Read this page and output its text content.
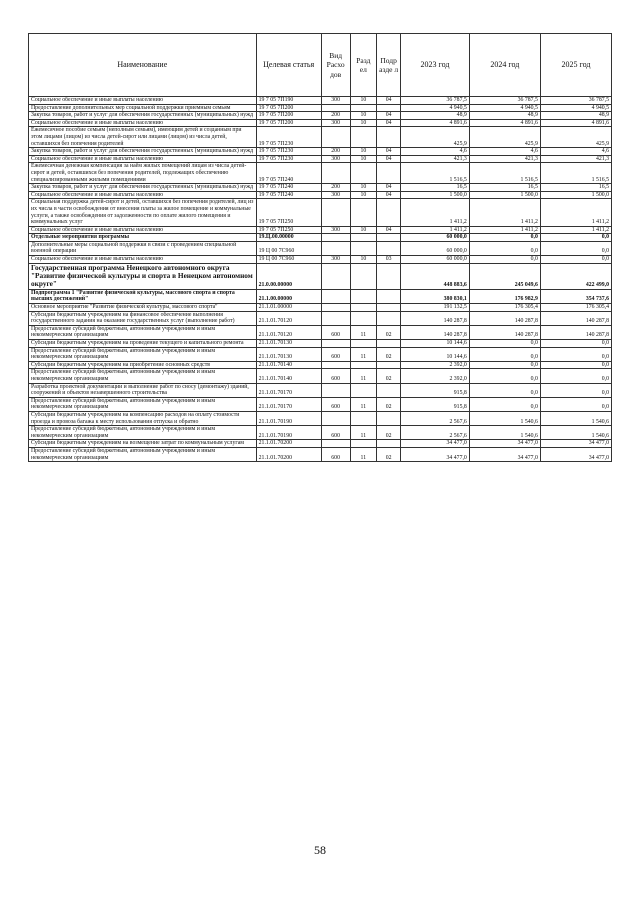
Наименование	Целевая статья	Вид Расхо дов	Разд ел	Подр азде л	2023 год	2024 год	2025 год
Социальное обеспечение и иные выплаты населению	19 7 05 7П190	300	10	04	36 787,5	36 787,5	36 787,5
Предоставление дополнительных мер социальной поддержки приемным семьям	19 7 05 7П200				4 940,5	4 940,5	4 940,5
Закупка товаров, работ и услуг для обеспечения государственных (муниципальных) нужд	19 7 05 7П200	200	10	04	48,9	48,9	48,9
Социальное обеспечение и иные выплаты населению	19 7 05 7П200	300	10	04	4 891,6	4 891,6	4 891,6
Ежемесячное пособие семьям (неполным семьям), имеющим детей и созданным при этом лицами (лицом) из числа детей-сирот или лицами (лицом) из числа детей, оставшихся без попечения родителей	19 7 05 7П230				425,9	425,9	425,9
Закупка товаров, работ и услуг для обеспечения государственных (муниципальных) нужд	19 7 05 7П230	200	10	04	4,6	4,6	4,6
Социальное обеспечение и иные выплаты населению	19 7 05 7П230	300	10	04	421,3	421,3	421,3
Ежемесячная денежная компенсация за наём жилых помещений лицам из числа детей-сирот и детей, оставшихся без попечения родителей, подлежащих обеспечению специализированными жилыми помещениями	19 7 05 7П240				1 516,5	1 516,5	1 516,5
Закупка товаров, работ и услуг для обеспечения государственных (муниципальных) нужд	19 7 05 7П240	200	10	04	16,5	16,5	16,5
Социальное обеспечение и иные выплаты населению	19 7 05 7П240	300	10	04	1 500,0	1 500,0	1 500,0
Социальная поддержка детей-сирот и детей, оставшихся без попечения родителей, лиц из их числа в части освобождения от внесения платы за жилое помещение и коммунальные услуги, а также освобождения от задолженности по оплате жилого помещения и коммунальных услуг	19 7 05 7П250				1 411,2	1 411,2	1 411,2
Социальное обеспечение и иные выплаты населению	19 7 05 7П250	300	10	04	1 411,2	1 411,2	1 411,2
Отдельные мероприятия программы	19.Ц.00.00000				60 000,0	0,0	0,0
Дополнительные меры социальной поддержки в связи с проведением специальной военной операции	19 Ц 00 7С960				60 000,0	0,0	0,0
Социальное обеспечение и иные выплаты населению	19 Ц 00 7С960	300	10	03	60 000,0	0,0	0,0
Государственная программа Ненецкого автономного округа "Развитие физической культуры и спорта в Ненецком автономном округе"	21.0.00.00000				448 883,6	245 049,6	422 499,0
Подпрограмма 1 "Развитие физической культуры, массового спорта и спорта высших достижений"	21.1.00.00000				380 830,1	176 982,9	354 737,6
Основное мероприятие "Развитие физической культуры, массового спорта"	21.1.01.00000				191 132,5	176 305,4	176 305,4
Субсидии бюджетным учреждениям на финансовое обеспечение выполнения государственного задания на оказание государственных услуг (выполнение работ)	21.1.01.70120				140 287,8	140 287,8	140 287,8
Предоставление субсидий бюджетным, автономным учреждениям и иным некоммерческим организациям	21.1.01.70120	600	11	02	140 287,8	140 287,8	140 287,8
Субсидии бюджетным учреждениям на проведение текущего и капитального ремонта	21.1.01.70130				10 144,6	0,0	0,0
Предоставление субсидий бюджетным, автономным учреждениям и иным некоммерческим организациям	21.1.01.70130	600	11	02	10 144,6	0,0	0,0
Субсидии бюджетным учреждениям на приобретение основных средств	21.1.01.70140				2 392,0	0,0	0,0
Предоставление субсидий бюджетным, автономным учреждениям и иным некоммерческим организациям	21.1.01.70140	600	11	02	2 392,0	0,0	0,0
Разработка проектной документации и выполнение работ по сносу (демонтажу) зданий, сооружений и объектов незавершенного строительства	21.1.01.70170				915,8	0,0	0,0
Предоставление субсидий бюджетным, автономным учреждениям и иным некоммерческим организациям	21.1.01.70170	600	11	02	915,8	0,0	0,0
Субсидии бюджетным учреждениям на компенсацию расходов на оплату стоимости проезда и провоза багажа к месту использования отпуска и обратно	21.1.01.70190				2 567,6	1 540,6	1 540,6
Предоставление субсидий бюджетным, автономным учреждениям и иным некоммерческим организациям	21.1.01.70190	600	11	02	2 567,6	1 540,6	1 540,6
Субсидии бюджетным учреждениям на возмещение затрат по коммунальным услугам	21.1.01.70200				34 477,0	34 477,0	34 477,0
Предоставление субсидий бюджетным, автономным учреждениям и иным некоммерческим организациям	21.1.01.70200	600	11	02	34 477,0	34 477,0	34 477,0
58
